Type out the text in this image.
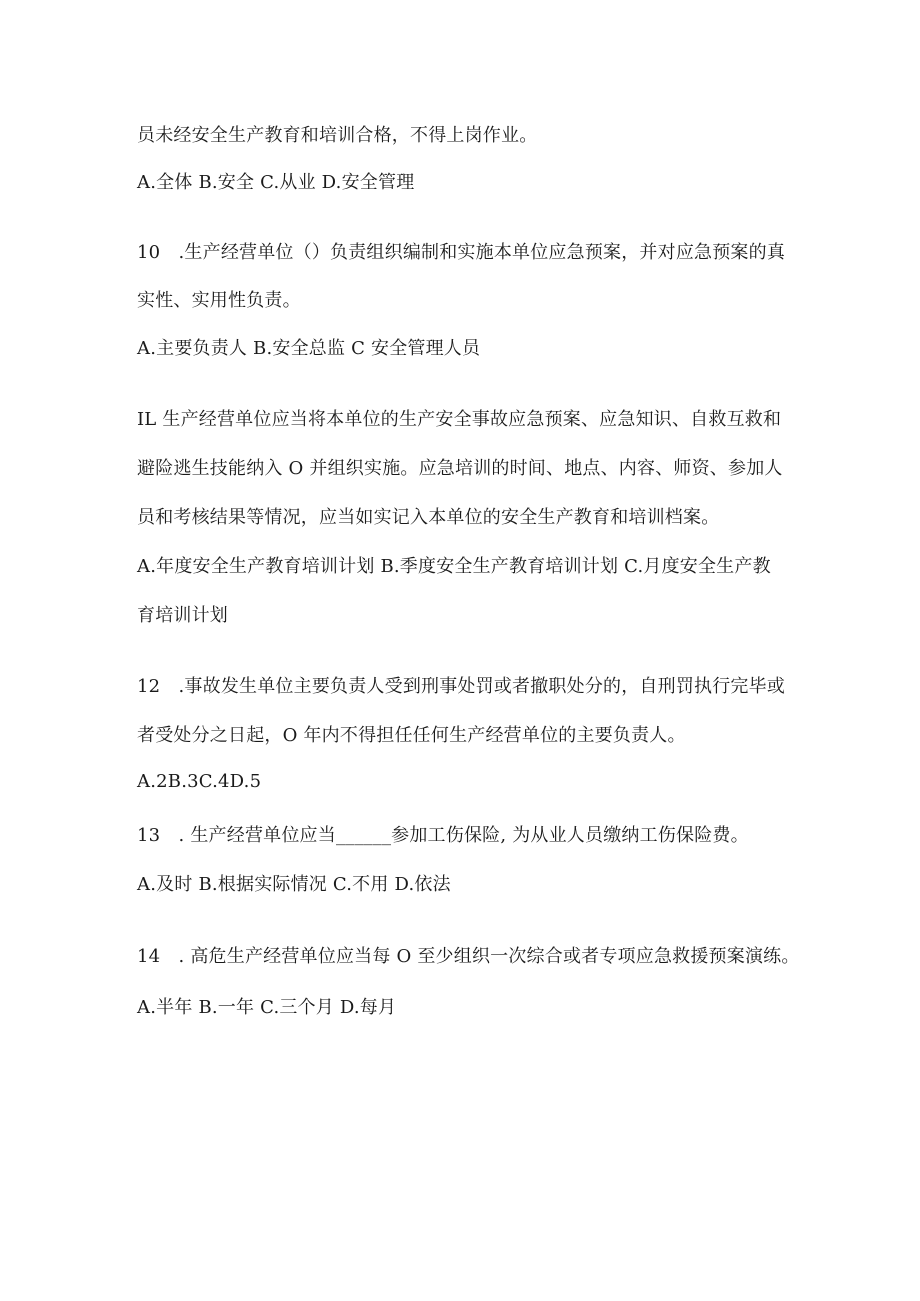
员未经安全生产教育和培训合格，不得上岗作业。
A.全体 B.安全 C.从业 D.安全管理
10　.生产经营单位（）负责组织编制和实施本单位应急预案，并对应急预案的真
实性、实用性负责。
A.主要负责人 B.安全总监 C 安全管理人员
IL 生产经营单位应当将本单位的生产安全事故应急预案、应急知识、自救互救和
避险逃生技能纳入 O 并组织实施。应急培训的时间、地点、内容、师资、参加人
员和考核结果等情况，应当如实记入本单位的安全生产教育和培训档案。
A.年度安全生产教育培训计划 B.季度安全生产教育培训计划 C.月度安全生产教
育培训计划
12　.事故发生单位主要负责人受到刑事处罚或者撤职处分的，自刑罚执行完毕或
者受处分之日起，O 年内不得担任任何生产经营单位的主要负责人。
A.2B.3C.4D.5
13　. 生产经营单位应当______参加工伤保险, 为从业人员缴纳工伤保险费。
A.及时 B.根据实际情况 C.不用 D.依法
14　. 高危生产经营单位应当每 O 至少组织一次综合或者专项应急救援预案演练。
A.半年 B.一年 C.三个月 D.每月
